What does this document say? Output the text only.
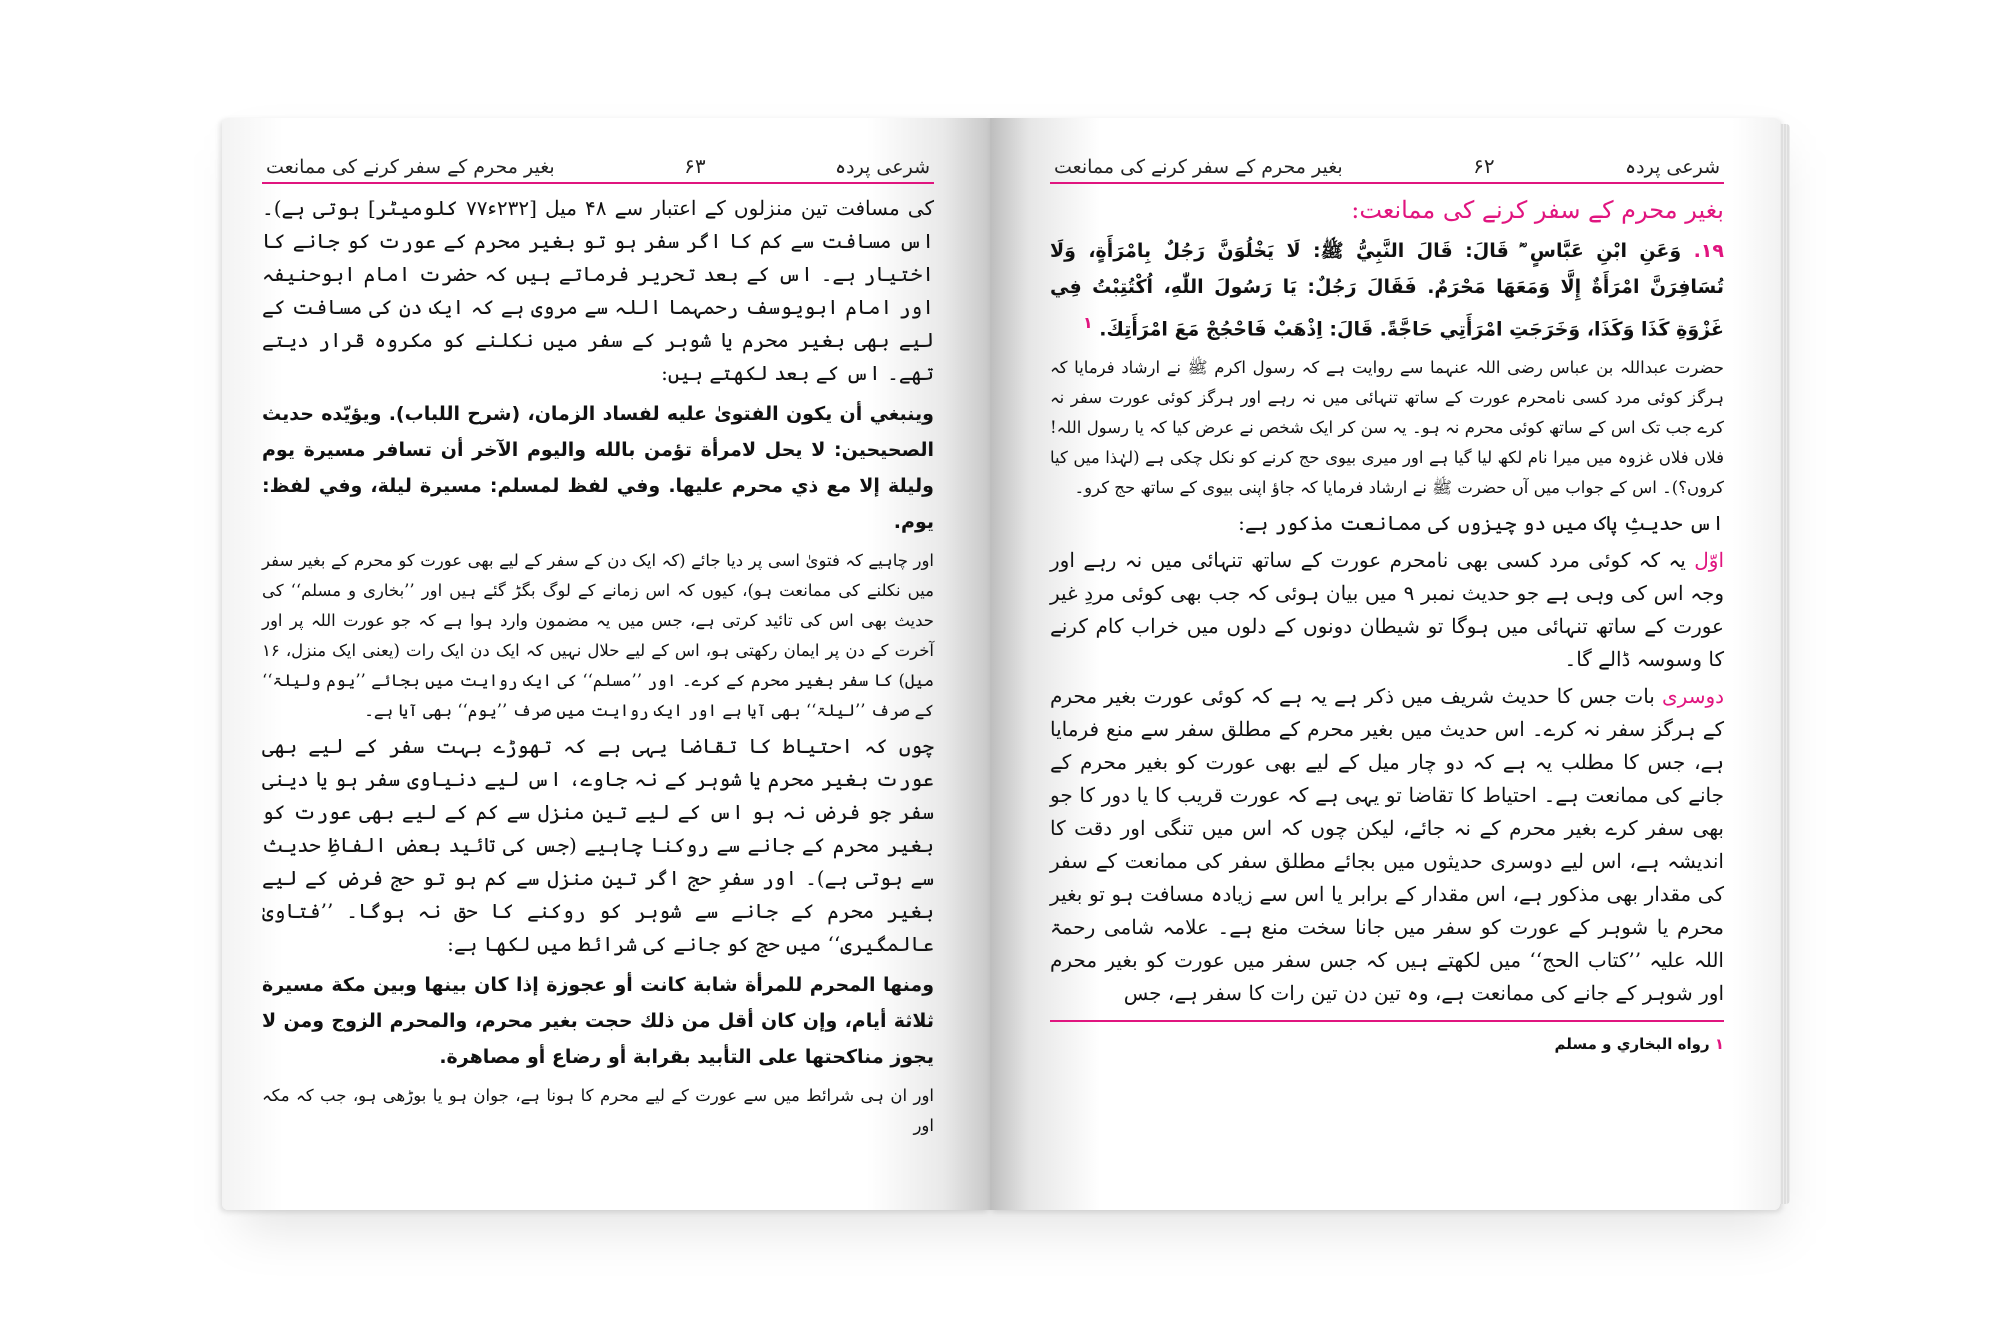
شرعی پردہ
۶۳
بغیر محرم کے سفر کرنے کی ممانعت

کی مسافت تین منزلوں کے اعتبار سے ۴۸ میل [۲۳۲ء۷۷ کلومیٹر] ہوتی ہے)۔ اس مسافت سے کم کا اگر سفر ہو تو بغیر محرم کے عورت کو جانے کا اختیار ہے۔ اس کے بعد تحریر فرماتے ہیں کہ حضرت امام ابوحنیفہ اور امام ابویوسف رحمہما اللہ سے مروی ہے کہ ایک دن کی مسافت کے لیے بھی بغیر محرم یا شوہر کے سفر میں نکلنے کو مکروہ قرار دیتے تھے۔ اس کے بعد لکھتے ہیں:

وينبغي أن يكون الفتوىٰ عليه لفساد الزمان، (شرح اللباب). ويؤيّده حديث الصحيحين: لا يحل لامرأة تؤمن بالله واليوم الآخر أن تسافر مسيرة يوم وليلة إلا مع ذي محرم عليها. وفي لفظ لمسلم: مسيرة ليلة، وفي لفظ: يوم.

اور چاہیے کہ فتویٰ اسی پر دیا جائے (کہ ایک دن کے سفر کے لیے بھی عورت کو محرم کے بغیر سفر میں نکلنے کی ممانعت ہو)، کیوں کہ اس زمانے کے لوگ بگڑ گئے ہیں اور ’’بخاری و مسلم‘‘ کی حدیث بھی اس کی تائید کرتی ہے، جس میں یہ مضمون وارد ہوا ہے کہ جو عورت اللہ پر اور آخرت کے دن پر ایمان رکھتی ہو، اس کے لیے حلال نہیں کہ ایک دن ایک رات (یعنی ایک منزل، ۱۶ میل) کا سفر بغیر محرم کے کرے۔ اور ’’مسلم‘‘ کی ایک روایت میں بجائے ’’یوم ولیلۃ‘‘ کے صرف ’’لیلۃ‘‘ بھی آیا ہے اور ایک روایت میں صرف ’’یوم‘‘ بھی آیا ہے۔

چوں کہ احتیاط کا تقاضا یہی ہے کہ تھوڑے بہت سفر کے لیے بھی عورت بغیر محرم یا شوہر کے نہ جاوے، اس لیے دنیاوی سفر ہو یا دینی سفر جو فرض نہ ہو اس کے لیے تین منزل سے کم کے لیے بھی عورت کو بغیر محرم کے جانے سے روکنا چاہیے (جس کی تائید بعض الفاظِ حدیث سے ہوتی ہے)۔ اور سفرِ حج اگر تین منزل سے کم ہو تو حج فرض کے لیے بغیر محرم کے جانے سے شوہر کو روکنے کا حق نہ ہوگا۔ ’’فتاویٰ عالمگیری‘‘ میں حج کو جانے کی شرائط میں لکھا ہے:

ومنها المحرم للمرأة شابة كانت أو عجوزة إذا كان بينها وبين مكة مسيرة ثلاثة أيام، وإن كان أقل من ذلك حجت بغير محرم، والمحرم الزوج ومن لا يجوز مناكحتها على التأبيد بقرابة أو رضاع أو مصاهرة.

اور ان ہی شرائط میں سے عورت کے لیے محرم کا ہونا ہے، جوان ہو یا بوڑھی ہو، جب کہ مکہ اور

شرعی پردہ
۶۲
بغیر محرم کے سفر کرنے کی ممانعت
بغیر محرم کے سفر کرنے کی ممانعت:
۱۹. وَعَنِ ابْنِ عَبَّاسٍ ؓ قَالَ: قَالَ النَّبِيُّ ﷺ: لَا يَخْلُوَنَّ رَجُلٌ بِامْرَأَةٍ، وَلَا تُسَافِرَنَّ امْرَأَةٌ إِلَّا وَمَعَهَا مَحْرَمٌ. فَقَالَ رَجُلٌ: يَا رَسُولَ اللّٰهِ، اُكْتُتِبْتُ فِي غَزْوَةِ كَذَا وَكَذَا، وَخَرَجَتِ امْرَأَتِي حَاجَّةً. قَالَ: اِذْهَبْ فَاحْجُجْ مَعَ امْرَأَتِكَ. $^۱$

حضرت عبداللہ بن عباس رضی اللہ عنہما سے روایت ہے کہ رسول اکرم ﷺ نے ارشاد فرمایا کہ ہرگز کوئی مرد کسی نامحرم عورت کے ساتھ تنہائی میں نہ رہے اور ہرگز کوئی عورت سفر نہ کرے جب تک اس کے ساتھ کوئی محرم نہ ہو۔ یہ سن کر ایک شخص نے عرض کیا کہ یا رسول اللہ! فلاں فلاں غزوہ میں میرا نام لکھ لیا گیا ہے اور میری بیوی حج کرنے کو نکل چکی ہے (لہٰذا میں کیا کروں؟)۔ اس کے جواب میں آں حضرت ﷺ نے ارشاد فرمایا کہ جاؤ اپنی بیوی کے ساتھ حج کرو۔

اس حدیثِ پاک میں دو چیزوں کی ممانعت مذکور ہے:

اوّل یہ کہ کوئی مرد کسی بھی نامحرم عورت کے ساتھ تنہائی میں نہ رہے اور وجہ اس کی وہی ہے جو حدیث نمبر ۹ میں بیان ہوئی کہ جب بھی کوئی مردِ غیر عورت کے ساتھ تنہائی میں ہوگا تو شیطان دونوں کے دلوں میں خراب کام کرنے کا وسوسہ ڈالے گا۔

دوسری بات جس کا حدیث شریف میں ذکر ہے یہ ہے کہ کوئی عورت بغیر محرم کے ہرگز سفر نہ کرے۔ اس حدیث میں بغیر محرم کے مطلق سفر سے منع فرمایا ہے، جس کا مطلب یہ ہے کہ دو چار میل کے لیے بھی عورت کو بغیر محرم کے جانے کی ممانعت ہے۔ احتیاط کا تقاضا تو یہی ہے کہ عورت قریب کا یا دور کا جو بھی سفر کرے بغیر محرم کے نہ جائے، لیکن چوں کہ اس میں تنگی اور دقت کا اندیشہ ہے، اس لیے دوسری حدیثوں میں بجائے مطلق سفر کی ممانعت کے سفر کی مقدار بھی مذکور ہے، اس مقدار کے برابر یا اس سے زیادہ مسافت ہو تو بغیر محرم یا شوہر کے عورت کو سفر میں جانا سخت منع ہے۔ علامہ شامی رحمۃ اللہ علیہ ’’کتاب الحج‘‘ میں لکھتے ہیں کہ جس سفر میں عورت کو بغیر محرم اور شوہر کے جانے کی ممانعت ہے، وہ تین دن تین رات کا سفر ہے، جس

۱ رواه البخاري و مسلم
